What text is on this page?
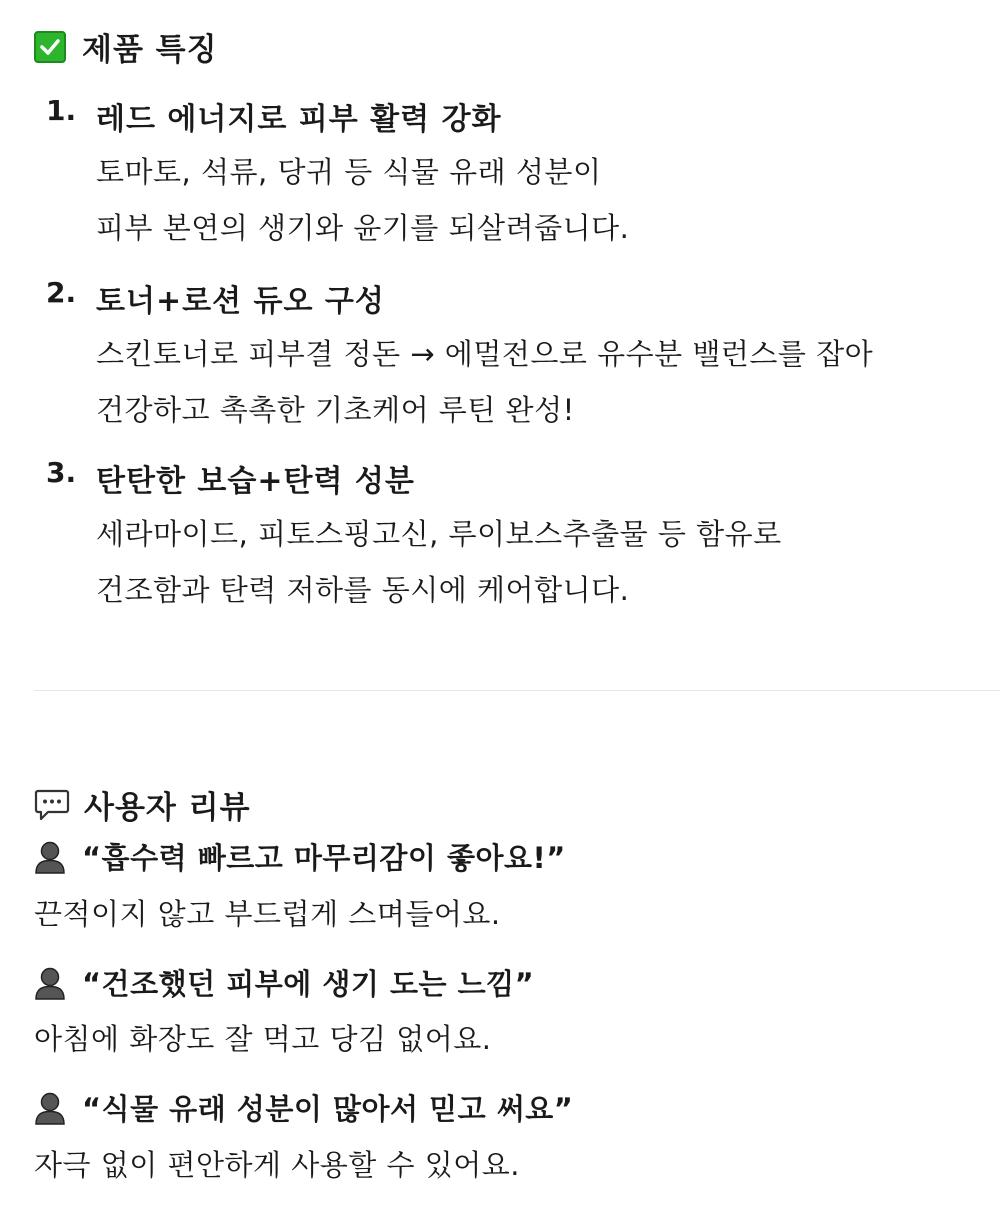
제품 특징
1. 레드 에너지로 피부 활력 강화
토마토, 석류, 당귀 등 식물 유래 성분이
피부 본연의 생기와 윤기를 되살려줍니다.
2. 토너+로션 듀오 구성
스킨토너로 피부결 정돈 → 에멀전으로 유수분 밸런스를 잡아
건강하고 촉촉한 기초케어 루틴 완성!
3. 탄탄한 보습+탄력 성분
세라마이드, 피토스핑고신, 루이보스추출물 등 함유로
건조함과 탄력 저하를 동시에 케어합니다.
사용자 리뷰
“흡수력 빠르고 마무리감이 좋아요!”
끈적이지 않고 부드럽게 스며들어요.
“건조했던 피부에 생기 도는 느낌”
아침에 화장도 잘 먹고 당김 없어요.
“식물 유래 성분이 많아서 믿고 써요”
자극 없이 편안하게 사용할 수 있어요.
